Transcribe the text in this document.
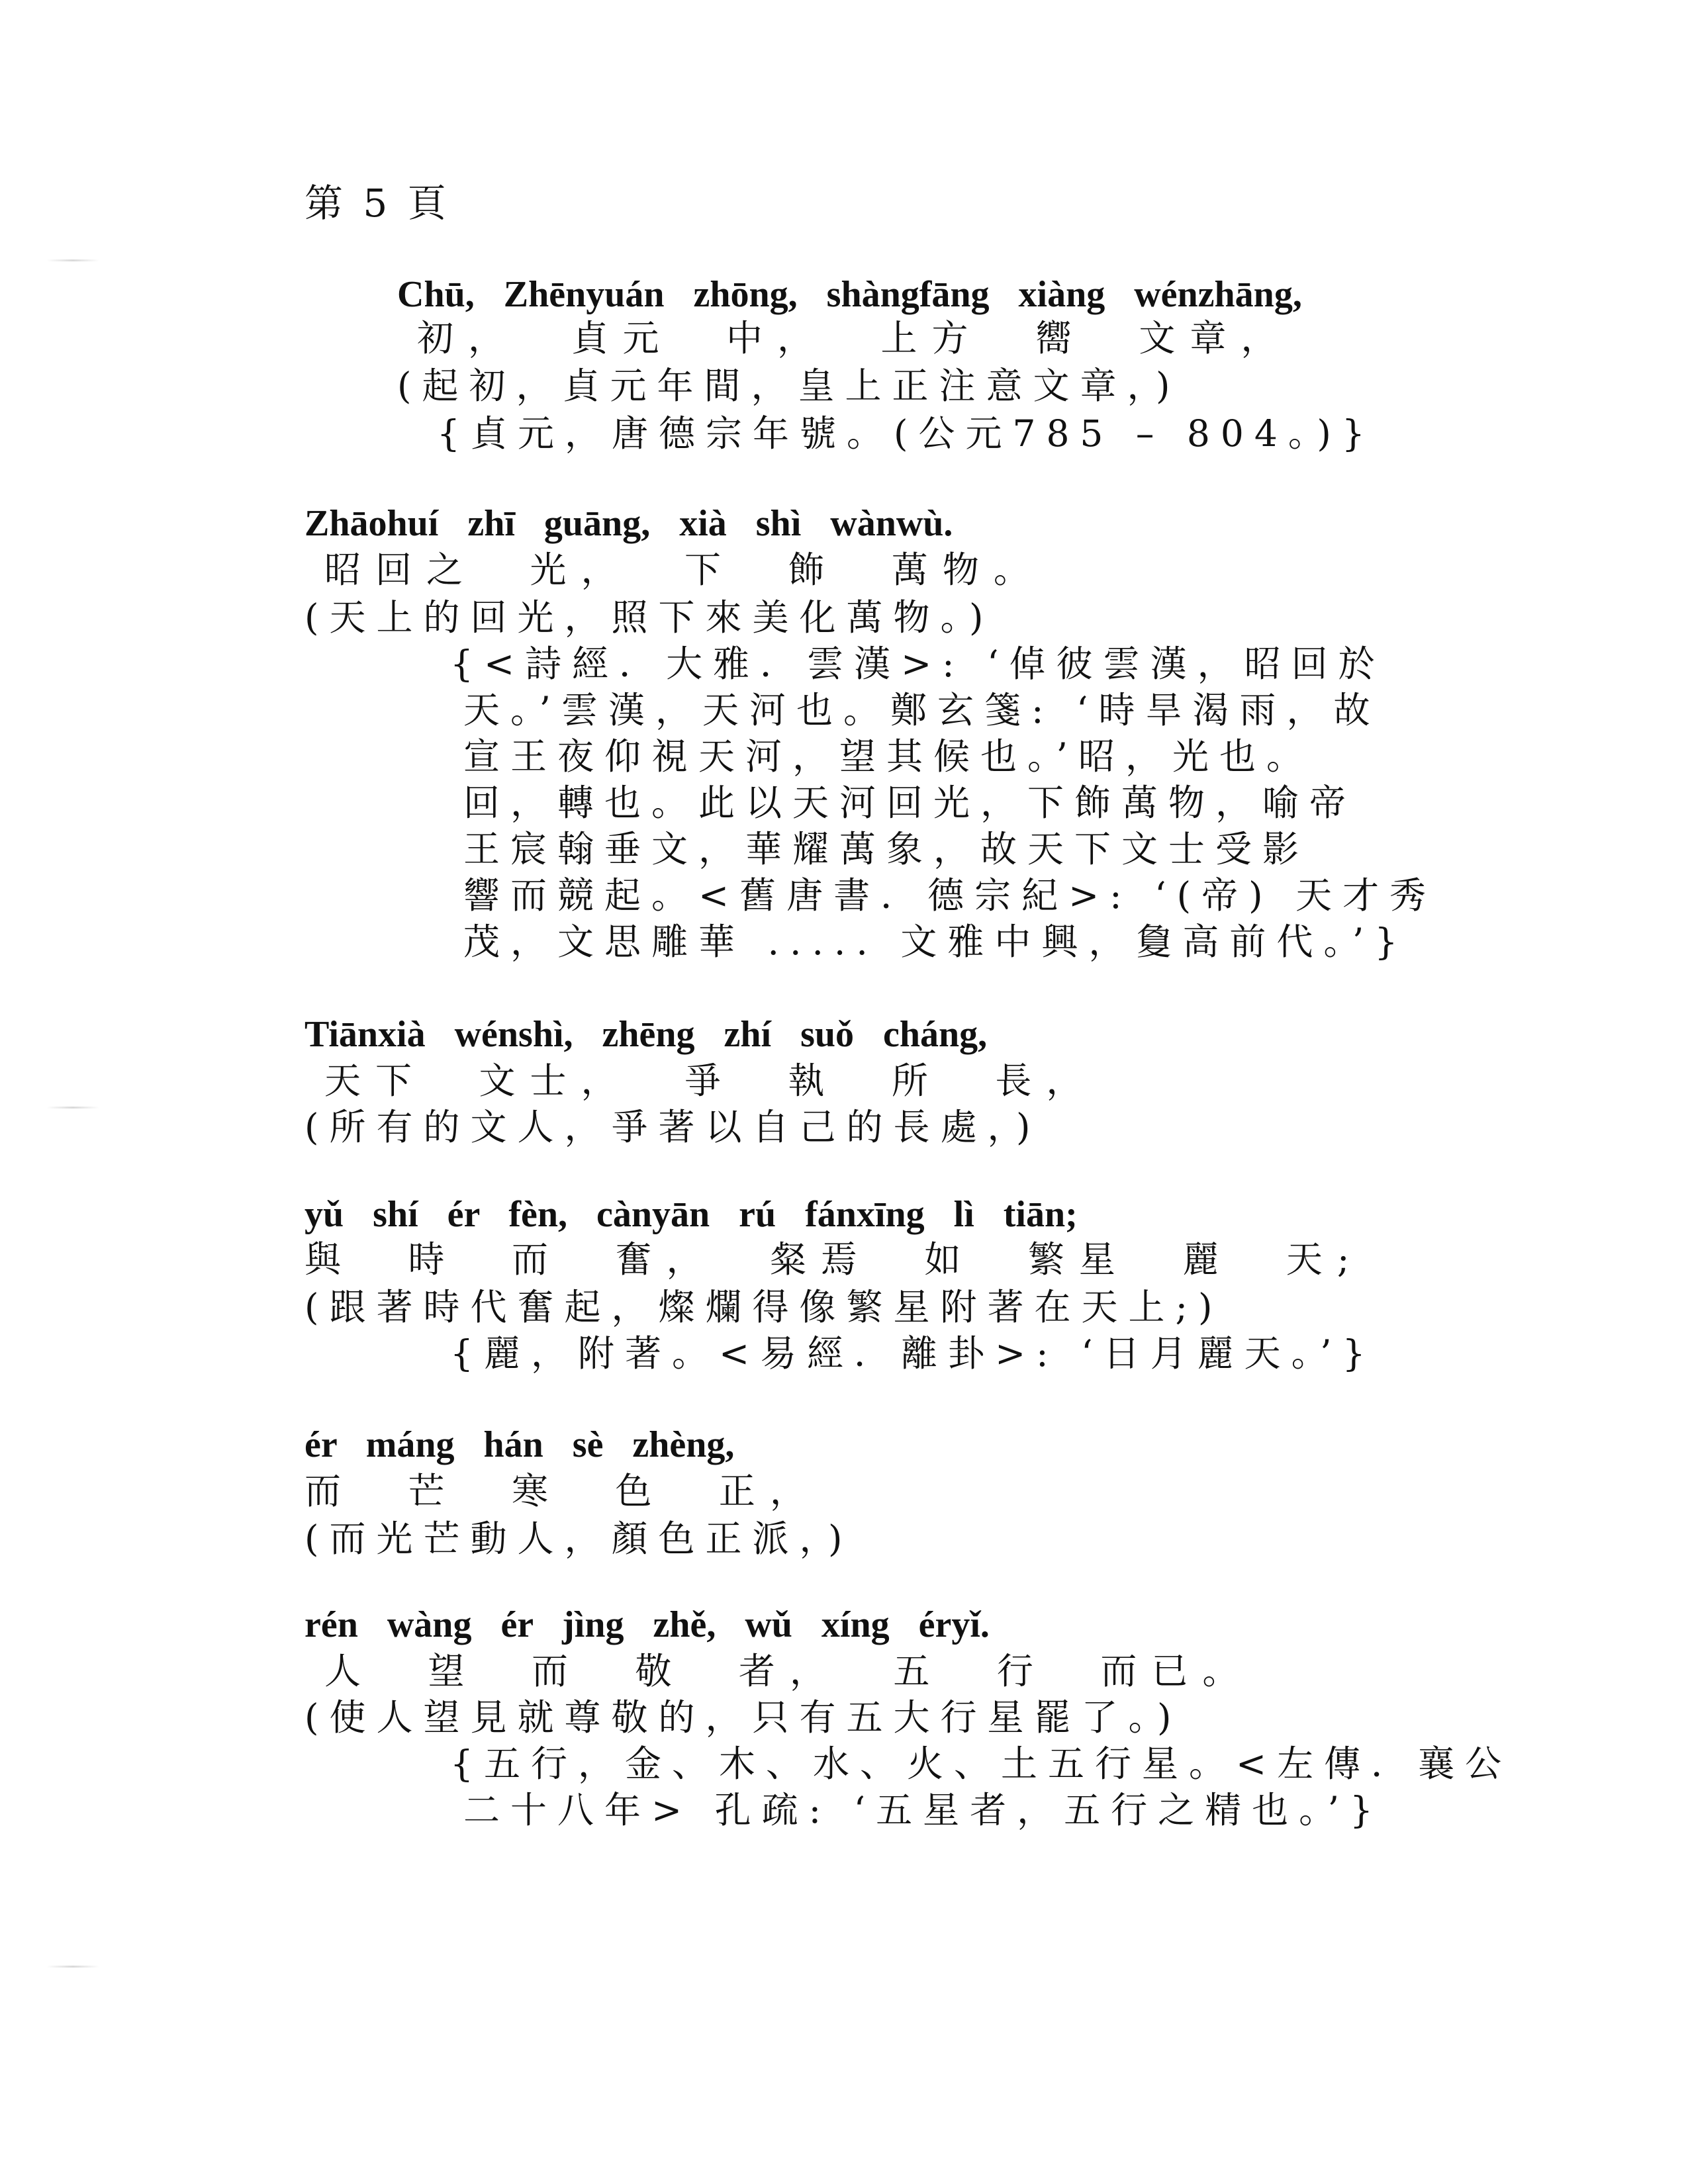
第 5 頁
Chū, Zhēnyuán zhōng, shàngfāng xiàng wénzhāng,
初， 貞元 中， 上方 嚮 文章，
(起初，貞元年間，皇上正注意文章，)
{貞元，唐德宗年號。(公元785 – 804。)}
Zhāohuí zhī guāng, xià shì wànwù.
昭回之 光， 下 飾 萬物。
(天上的回光，照下來美化萬物。)
{<詩經．大雅．雲漢>: ‘倬彼雲漢，昭回於
天。’雲漢，天河也。鄭玄箋: ‘時旱渴雨，故
宣王夜仰視天河，望其候也。’昭，光也。
回，轉也。此以天河回光，下飾萬物，喻帝
王宸翰垂文，華耀萬象，故天下文士受影
響而競起。<舊唐書．德宗紀>: ‘(帝) 天才秀
茂，文思雕華 ..... 文雅中興，敻高前代。’}
Tiānxià wénshì, zhēng zhí suǒ cháng,
天下 文士， 爭 執 所 長，
(所有的文人，爭著以自己的長處，)
yǔ shí ér fèn, cànyān rú fánxīng lì tiān;
與 時 而 奮， 粲焉 如 繁星 麗 天;
(跟著時代奮起，燦爛得像繁星附著在天上;)
{麗，附著。<易經．離卦>: ‘日月麗天。’}
ér máng hán sè zhèng,
而 芒 寒 色 正，
(而光芒動人，顏色正派，)
rén wàng ér jìng zhě, wǔ xíng éryǐ.
人 望 而 敬 者， 五 行 而已。
(使人望見就尊敬的，只有五大行星罷了。)
{五行，金、木、水、火、土五行星。<左傳．襄公
二十八年> 孔疏: ‘五星者，五行之精也。’}
